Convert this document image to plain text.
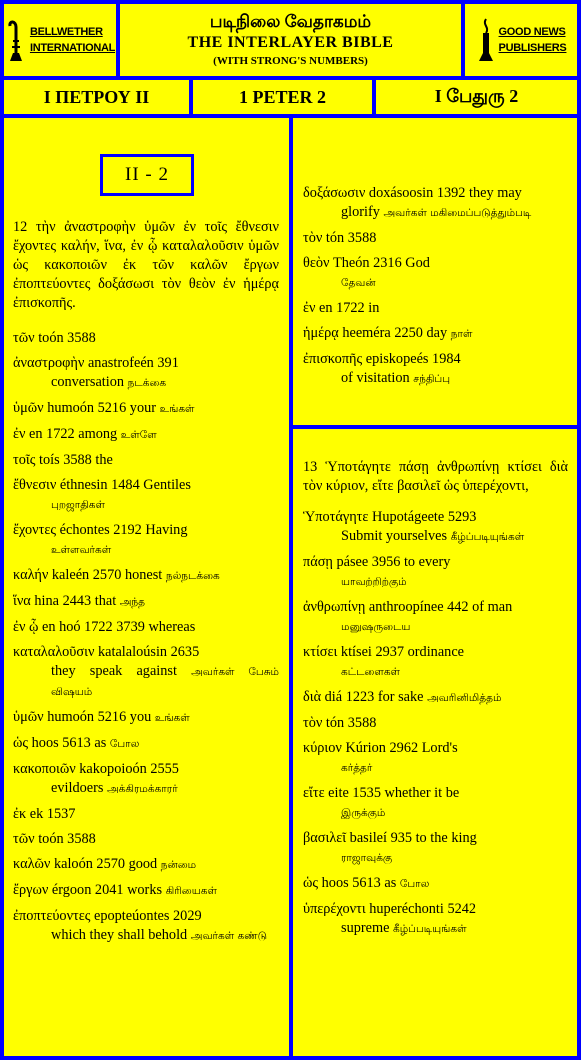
BELLWETHER
INTERNATIONAL
படிநிலை வேதாகமம்
THE INTERLAYER BIBLE
(WITH STRONG'S NUMBERS)
GOOD NEWS
PUBLISHERS
I ΠΕΤΡΟΥ II	1 PETER 2	I பேதுரு 2
II - 2

12 τὴν ἀναστροφὴν ὑμῶν ἐν τοῖς ἔθνεσιν ἔχοντες καλήν, ἵνα, ἐν ᾧ καταλαλοῦσιν ὑμῶν ὡς κακοποιῶν ἐκ τῶν καλῶν ἔργων ἐποπτεύοντες δοξάσωσι τὸν θεὸν ἐν ἡμέρᾳ ἐπισκοπῆς.

τῶν toón 3588

ἀναστροφὴν anastrofeén 391
conversation நடக்கை

ὑμῶν humoón 5216 your உங்கள்

ἐν en 1722 among உள்ளே

τοῖς toís 3588 the

ἔθνεσιν éthnesin 1484 Gentiles
புறஜாதிகள்

ἔχοντες échontes 2192 Having
உள்ளவர்கள்

καλήν kaleén 2570 honest நல்நடக்கை

ἵνα hina 2443 that அந்த

ἐν ᾧ en hoó 1722 3739 whereas

καταλαλοῦσιν katalaloúsin 2635
they speak against அவர்கள் பேசும் விஷயம்

ὑμῶν humoón 5216 you உங்கள்

ὡς hoos 5613 as போல

κακοποιῶν kakopoioón 2555
evildoers அக்கிரமக்காரர்

ἐκ ek 1537

τῶν toón 3588

καλῶν kaloón 2570 good நன்மை

ἔργων érgoon 2041 works கிரியைகள்

ἐποπτεύοντες epopteúontes 2029
which they shall behold அவர்கள் கண்டு

δοξάσωσιν doxásoosin 1392 they may
glorify அவர்கள் மகிமைப்படுத்தும்படி

τὸν tón 3588

θεὸν Theón 2316 God
தேவன்

ἐν en 1722 in

ἡμέρᾳ heeméra 2250 day நாள்

ἐπισκοπῆς episkopeés 1984
of visitation சந்திப்பு

13 Ὑποτάγητε πάσῃ ἀνθρωπίνῃ κτίσει διὰ τὸν κύριον, εἴτε βασιλεῖ ὡς ὑπερέχοντι,

Ὑποτάγητε Hupotágeete 5293
Submit yourselves கீழ்ப்படியுங்கள்

πάσῃ pásee 3956 to every
யாவற்றிற்கும்

ἀνθρωπίνῃ anthroopínee 442 of man
மனுஷருடைய

κτίσει ktísei 2937 ordinance
கட்டளைகள்

διὰ diá 1223 for sake அவரினிமித்தம்

τὸν tón 3588

κύριον Kúrion 2962 Lord's
கர்த்தர்

εἴτε eite 1535 whether it be
இருக்கும்

βασιλεῖ basileí 935 to the king
ராஜாவுக்கு

ὡς hoos 5613 as போல

ὑπερέχοντι huperéchonti 5242
supreme கீழ்ப்படியுங்கள்
